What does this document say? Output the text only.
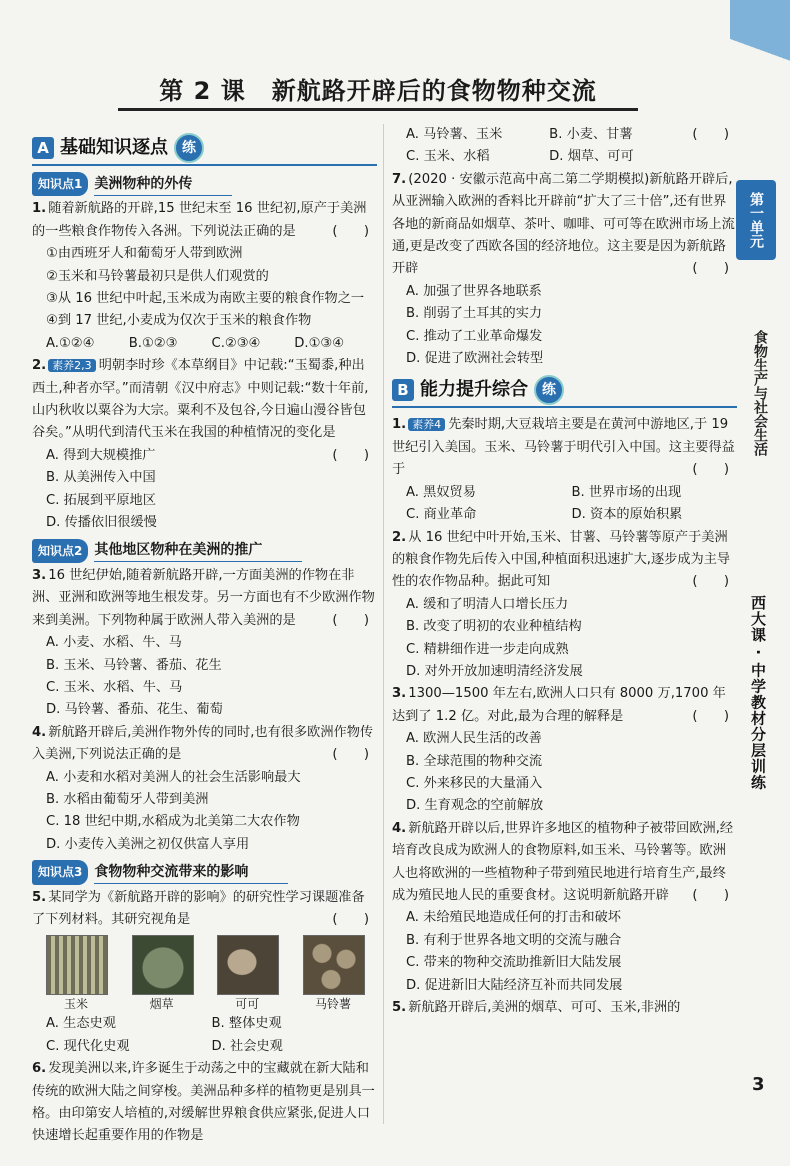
第 2 课 新航路开辟后的食物物种交流
A 基础知识逐点	练
知识点1 美洲物种的外传
1. 随着新航路的开辟,15 世纪末至 16 世纪初,原产于美洲的一些粮食作物传入各洲。下列说法正确的是	(　　)
①由西班牙人和葡萄牙人带到欧洲
②玉米和马铃薯最初只是供人们观赏的
③从 16 世纪中叶起,玉米成为南欧主要的粮食作物之一
④到 17 世纪,小麦成为仅次于玉米的粮食作物
A.①②④	B.①②③	C.②③④	D.①③④
2. 素养2,3 明朝李时珍《本草纲目》中记载:“玉蜀黍,种出西土,种者亦罕。”而清朝《汉中府志》中则记载:“数十年前,山内秋收以粟谷为大宗。粟利不及包谷,今日遍山漫谷皆包谷矣。”从明代到清代玉米在我国的种植情况的变化是
(　　)
A. 得到大规模推广
B. 从美洲传入中国
C. 拓展到平原地区
D. 传播依旧很缓慢
知识点2 其他地区物种在美洲的推广
3. 16 世纪伊始,随着新航路开辟,一方面美洲的作物在非洲、亚洲和欧洲等地生根发芽。另一方面也有不少欧洲作物来到美洲。下列物种属于欧洲人带入美洲的是	(　　)
A. 小麦、水稻、牛、马
B. 玉米、马铃薯、番茄、花生
C. 玉米、水稻、牛、马
D. 马铃薯、番茄、花生、葡萄
4. 新航路开辟后,美洲作物外传的同时,也有很多欧洲作物传入美洲,下列说法正确的是	(　　)
A. 小麦和水稻对美洲人的社会生活影响最大
B. 水稻由葡萄牙人带到美洲
C. 18 世纪中期,水稻成为北美第二大农作物
D. 小麦传入美洲之初仅供富人享用
知识点3 食物物种交流带来的影响
5. 某同学为《新航路开辟的影响》的研究性学习课题准备了下列材料。其研究视角是	(　　)
玉米	烟草	可可	马铃薯
A. 生态史观	B. 整体史观
C. 现代化史观	D. 社会史观
6. 发现美洲以来,许多诞生于动荡之中的宝藏就在新大陆和传统的欧洲大陆之间穿梭。美洲品种多样的植物更是别具一格。由印第安人培植的,对缓解世界粮食供应紧张,促进人口快速增长起重要作用的作物是
(　　)
A. 马铃薯、玉米	B. 小麦、甘薯
C. 玉米、水稻	D. 烟草、可可
7. (2020 · 安徽示范高中高二第二学期模拟)新航路开辟后,从亚洲输入欧洲的香料比开辟前“扩大了三十倍”,还有世界各地的新商品如烟草、茶叶、咖啡、可可等在欧洲市场上流通,更是改变了西欧各国的经济地位。这主要是因为新航路开辟	(　　)
A. 加强了世界各地联系
B. 削弱了土耳其的实力
C. 推动了工业革命爆发
D. 促进了欧洲社会转型
B 能力提升综合	练
1. 素养4 先秦时期,大豆栽培主要是在黄河中游地区,于 19 世纪引入美国。玉米、马铃薯于明代引入中国。这主要得益于	(　　)
A. 黑奴贸易	B. 世界市场的出现
C. 商业革命	D. 资本的原始积累
2. 从 16 世纪中叶开始,玉米、甘薯、马铃薯等原产于美洲的粮食作物先后传入中国,种植面积迅速扩大,逐步成为主导性的农作物品种。据此可知	(　　)
A. 缓和了明清人口增长压力
B. 改变了明初的农业种植结构
C. 精耕细作进一步走向成熟
D. 对外开放加速明清经济发展
3. 1300—1500 年左右,欧洲人口只有 8000 万,1700 年达到了 1.2 亿。对此,最为合理的解释是	(　　)
A. 欧洲人民生活的改善
B. 全球范围的物种交流
C. 外来移民的大量涌入
D. 生育观念的空前解放
4. 新航路开辟以后,世界许多地区的植物种子被带回欧洲,经培育改良成为欧洲人的食物原料,如玉米、马铃薯等。欧洲人也将欧洲的一些植物种子带到殖民地进行培育生产,最终成为殖民地人民的重要食材。这说明新航路开辟 (　　)
A. 未给殖民地造成任何的打击和破坏
B. 有利于世界各地文明的交流与融合
C. 带来的物种交流助推新旧大陆发展
D. 促进新旧大陆经济互补而共同发展
5. 新航路开辟后,美洲的烟草、可可、玉米,非洲的
第一单元
食物生产与社会生活
西大课 · 中学教材分层训练
3
